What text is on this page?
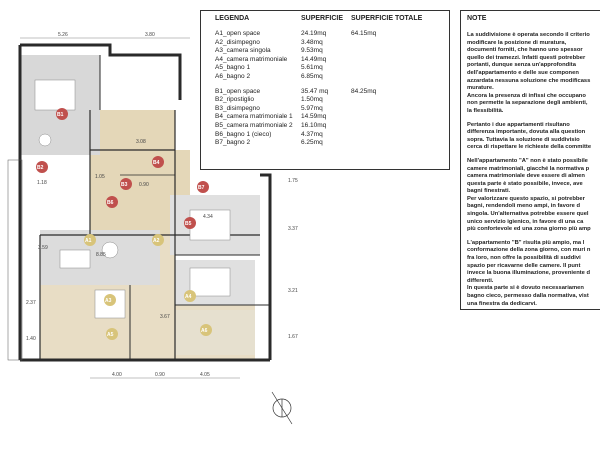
5.26	3.80
1.75
3.37
3.21
1.67
1.18
1.05
0.90
4.34
3.59
8.85
3.08
2.37
1.40
3.67
4.00	0.90	4.05
B1
B2
B3
B4
B5
B6
B7
A1	A2
A3
A4
A5
A6
LEGENDA	SUPERFICIE	SUPERFICIE TOTALE
A1_open space	24.19mq	64.15mq
A2_disimpegno	3.48mq
A3_camera singola	9.53mq
A4_camera matrimoniale	14.49mq
A5_bagno 1	5.61mq
A6_bagno 2	6.85mq
B1_open space	35.47 mq	84.25mq
B2_ripostiglio	1.50mq
B3_disimpegno	5.97mq
B4_camera matrimoniale 1	14.59mq
B5_camera matrimoniale 2	16.10mq
B6_bagno 1 (cieco)	4.37mq
B7_bagno 2	6.25mq
NOTE
La suddivisione è operata secondo il criterio
modificare la posizione di muratura,
documenti forniti, che hanno uno spessor
quello dei tramezzi. Infatti questi potrebber
portanti, dunque senza un'approfondita
dell'appartamento e delle sue componen
azzardata nessuna soluzione che modificass
murature.
Ancora la presenza di infissi che occupano
non permette la separazione degli ambienti,
la flessibilità.
Pertanto i due appartamenti risultano
differenza importante, dovuta alla question
sopra. Tuttavia la soluzione di suddivisio
cerca di rispettare le richieste della committe
Nell'appartamento "A" non è stato possibile
camere matrimoniali, giacché la normativa p
camera matrimoniale deve essere di almen
questa parte è stato possibile, invece, ave
bagni finestrati.
Per valorizzare questo spazio, si potrebber
bagni, rendendoli meno ampi, in favore d
singola. Un'alternativa potrebbe essere quel
unico servizio igienico, in favore di una ca
più confortevole ed una zona giorno più amp
L'appartamento "B" risulta più ampio, ma l
conformazione della zona giorno, con muri n
fra loro, non offre la possibilità di suddivi
spazio per ricavarne delle camere. Il punt
invece la buona illuminazione, proveniente d
differenti.
In questa parte si è dovuto necessariamen
bagno cieco, permesso dalla normativa, vist
una finestra da dedicarvi.
